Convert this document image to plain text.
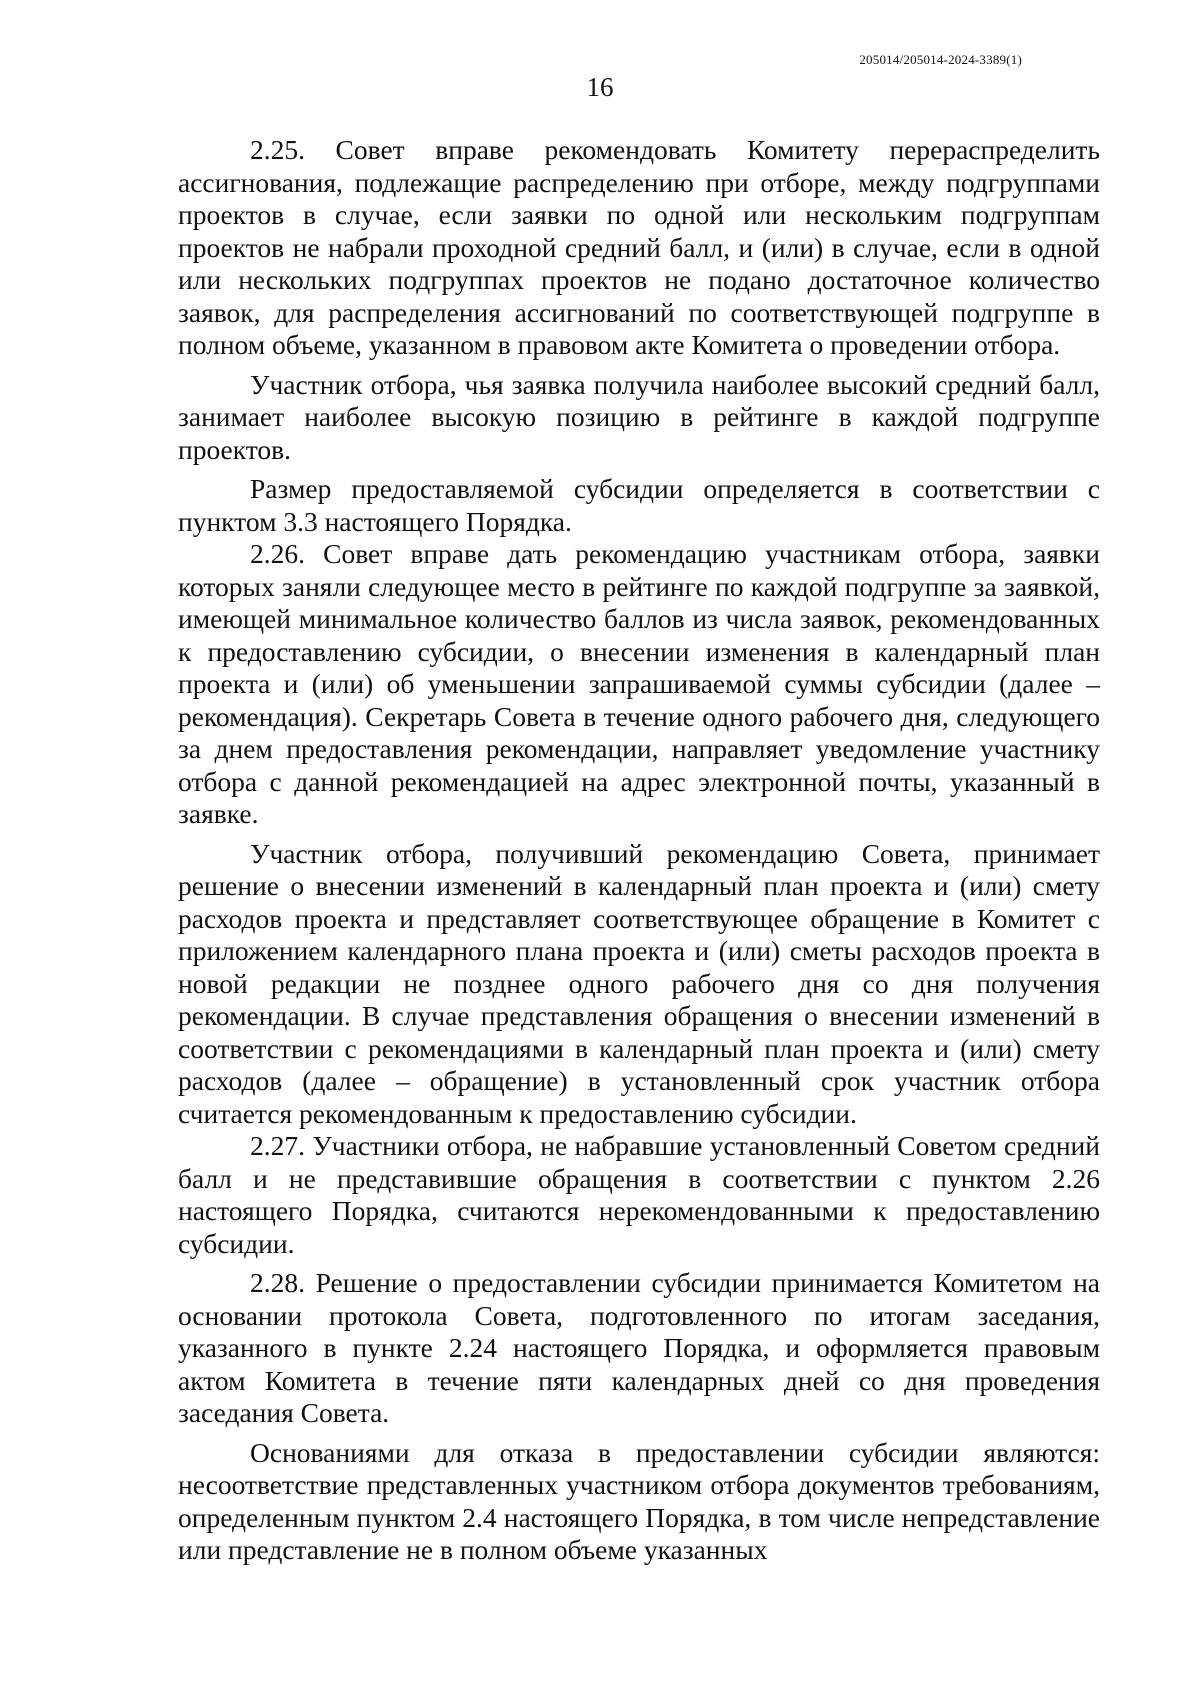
205014/205014-2024-3389(1)
16

2.25. Совет вправе рекомендовать Комитету перераспределить ассигнования, подлежащие распределению при отборе, между подгруппами проектов в случае, если заявки по одной или нескольким подгруппам проектов не набрали проходной средний балл, и (или) в случае, если в одной или нескольких подгруппах проектов не подано достаточное количество заявок, для распределения ассигнований по соответствующей подгруппе в полном объеме, указанном в правовом акте Комитета о проведении отбора.

Участник отбора, чья заявка получила наиболее высокий средний балл, занимает наиболее высокую позицию в рейтинге в каждой подгруппе проектов.

Размер предоставляемой субсидии определяется в соответствии с пунктом 3.3 настоящего Порядка.

2.26. Совет вправе дать рекомендацию участникам отбора, заявки которых заняли следующее место в рейтинге по каждой подгруппе за заявкой, имеющей минимальное количество баллов из числа заявок, рекомендованных к предоставлению субсидии, о внесении изменения в календарный план проекта и (или) об уменьшении запрашиваемой суммы субсидии (далее – рекомендация). Секретарь Совета в течение одного рабочего дня, следующего за днем предоставления рекомендации, направляет уведомление участнику отбора с данной рекомендацией на адрес электронной почты, указанный в заявке.

Участник отбора, получивший рекомендацию Совета, принимает решение о внесении изменений в календарный план проекта и (или) смету расходов проекта и представляет соответствующее обращение в Комитет с приложением календарного плана проекта и (или) сметы расходов проекта в новой редакции не позднее одного рабочего дня со дня получения рекомендации. В случае представления обращения о внесении изменений в соответствии с рекомендациями в календарный план проекта и (или) смету расходов (далее – обращение) в установленный срок участник отбора считается рекомендованным к предоставлению субсидии.

2.27. Участники отбора, не набравшие установленный Советом средний балл и не представившие обращения в соответствии с пунктом 2.26 настоящего Порядка, считаются нерекомендованными к предоставлению субсидии.

2.28. Решение о предоставлении субсидии принимается Комитетом на основании протокола Совета, подготовленного по итогам заседания, указанного в пункте 2.24 настоящего Порядка, и оформляется правовым актом Комитета в течение пяти календарных дней со дня проведения заседания Совета.

Основаниями для отказа в предоставлении субсидии являются: несоответствие представленных участником отбора документов требованиям, определенным пунктом 2.4 настоящего Порядка, в том числе непредставление или представление не в полном объеме указанных
